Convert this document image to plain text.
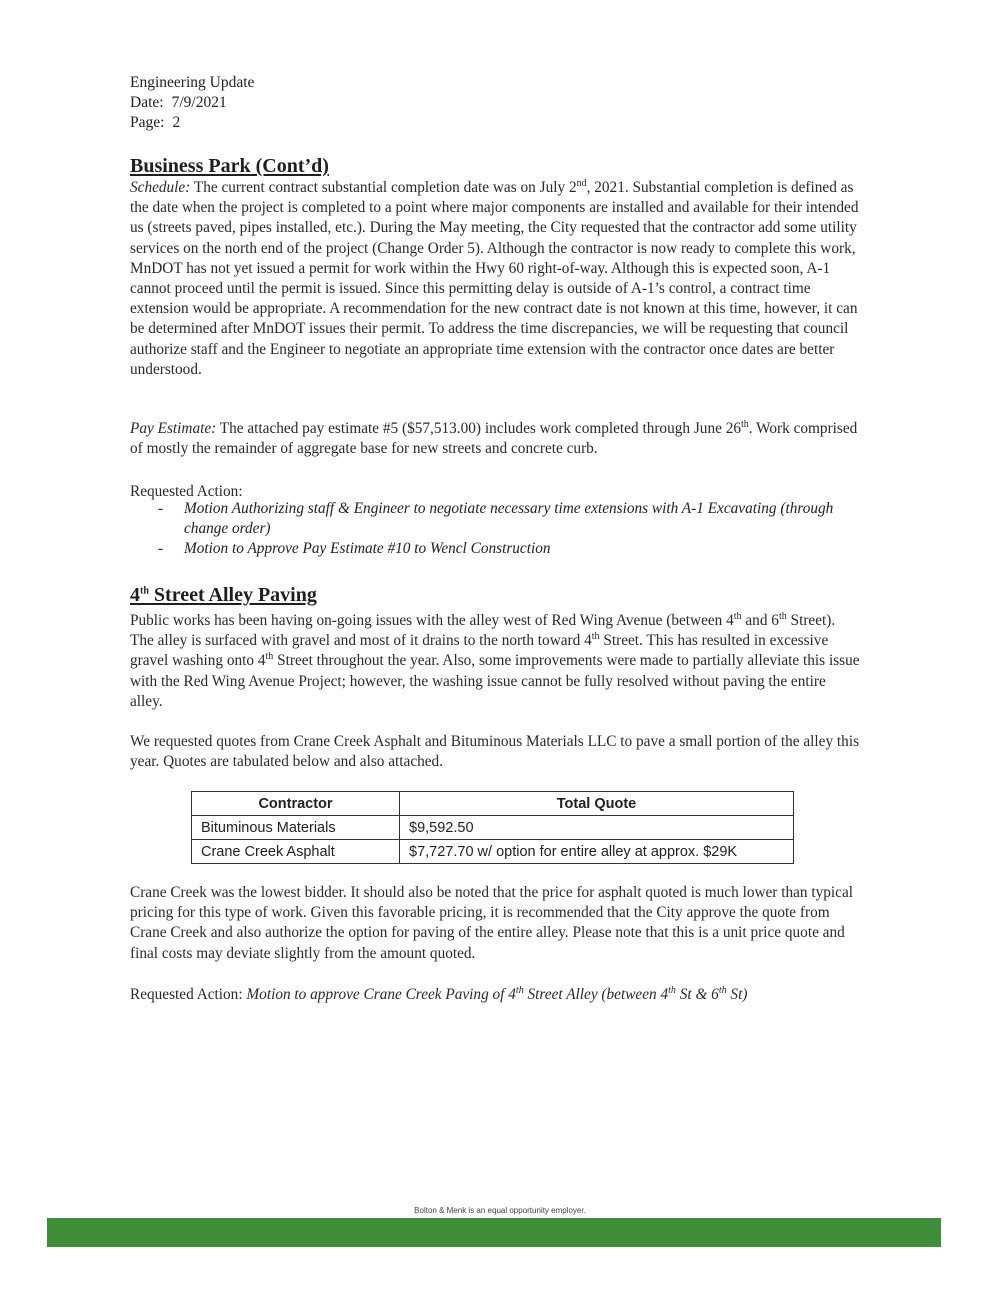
Engineering Update
Date: 7/9/2021
Page: 2
Business Park (Cont’d)
Schedule: The current contract substantial completion date was on July 2nd, 2021. Substantial completion is defined as the date when the project is completed to a point where major components are installed and available for their intended us (streets paved, pipes installed, etc.). During the May meeting, the City requested that the contractor add some utility services on the north end of the project (Change Order 5). Although the contractor is now ready to complete this work, MnDOT has not yet issued a permit for work within the Hwy 60 right-of-way. Although this is expected soon, A-1 cannot proceed until the permit is issued. Since this permitting delay is outside of A-1’s control, a contract time extension would be appropriate. A recommendation for the new contract date is not known at this time, however, it can be determined after MnDOT issues their permit. To address the time discrepancies, we will be requesting that council authorize staff and the Engineer to negotiate an appropriate time extension with the contractor once dates are better understood.
Pay Estimate: The attached pay estimate #5 ($57,513.00) includes work completed through June 26th. Work comprised of mostly the remainder of aggregate base for new streets and concrete curb.
Requested Action:
- Motion Authorizing staff & Engineer to negotiate necessary time extensions with A-1 Excavating (through change order)
- Motion to Approve Pay Estimate #10 to Wencl Construction
4th Street Alley Paving
Public works has been having on-going issues with the alley west of Red Wing Avenue (between 4th and 6th Street). The alley is surfaced with gravel and most of it drains to the north toward 4th Street. This has resulted in excessive gravel washing onto 4th Street throughout the year. Also, some improvements were made to partially alleviate this issue with the Red Wing Avenue Project; however, the washing issue cannot be fully resolved without paving the entire alley.
We requested quotes from Crane Creek Asphalt and Bituminous Materials LLC to pave a small portion of the alley this year. Quotes are tabulated below and also attached.
Contractor	Total Quote
Bituminous Materials	$9,592.50
Crane Creek Asphalt	$7,727.70 w/ option for entire alley at approx. $29K
Crane Creek was the lowest bidder. It should also be noted that the price for asphalt quoted is much lower than typical pricing for this type of work. Given this favorable pricing, it is recommended that the City approve the quote from Crane Creek and also authorize the option for paving of the entire alley. Please note that this is a unit price quote and final costs may deviate slightly from the amount quoted.
Requested Action: Motion to approve Crane Creek Paving of 4th Street Alley (between 4th St & 6th St)
Bolton & Menk is an equal opportunity employer.
